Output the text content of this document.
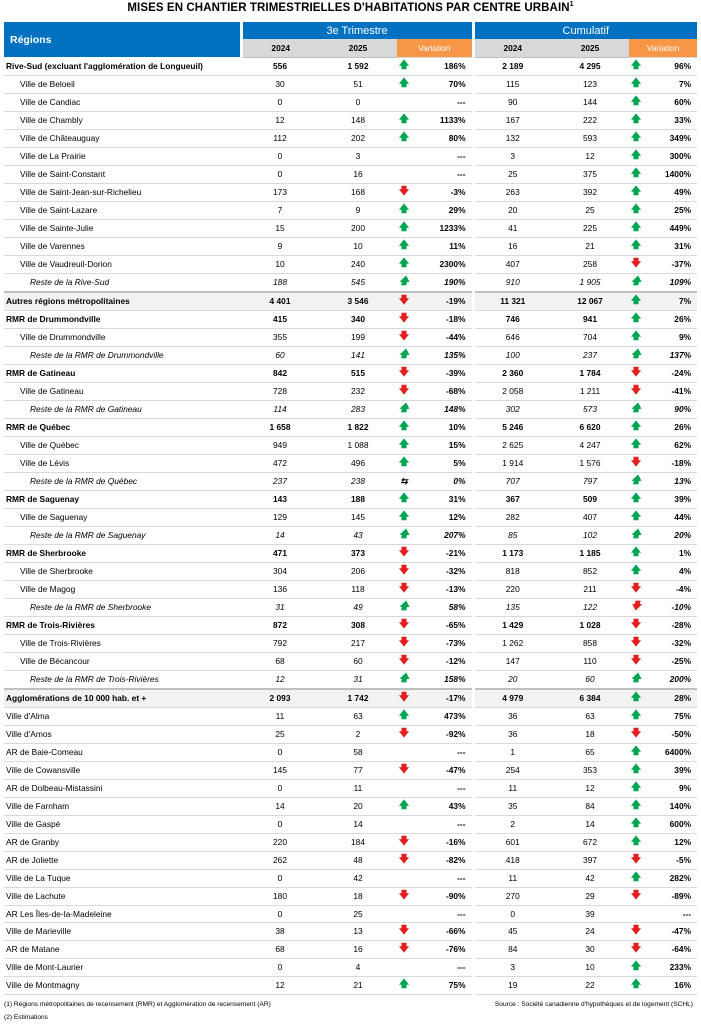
MISES EN CHANTIER TRIMESTRIELLES D'HABITATIONS PAR CENTRE URBAIN$^1$
Régions	3e Trimestre				Cumulatif			
	2024	2025	Variation		2024	2025	Variation	
Rive-Sud (excluant l'agglomération de Longueuil)	556	1 592	🡅	186%	2 189	4 295	🡅	96%
Ville de Beloeil	30	51	🡅	70%	115	123	🡅	7%
Ville de Candiac	0	0		---	90	144	🡅	60%
Ville de Chambly	12	148	🡅	1133%	167	222	🡅	33%
Ville de Châteauguay	112	202	🡅	80%	132	593	🡅	349%
Ville de La Prairie	0	3		---	3	12	🡅	300%
Ville de Saint-Constant	0	16		---	25	375	🡅	1400%
Ville de Saint-Jean-sur-Richelieu	173	168	🡇	-3%	263	392	🡅	49%
Ville de Saint-Lazare	7	9	🡅	29%	20	25	🡅	25%
Ville de Sainte-Julie	15	200	🡅	1233%	41	225	🡅	449%
Ville de Varennes	9	10	🡅	11%	16	21	🡅	31%
Ville de Vaudreuil-Dorion	10	240	🡅	2300%	407	258	🡇	-37%
Reste de la Rive-Sud	188	545	🡅	190%	910	1 905	🡅	109%
Autres régions métropolitaines	4 401	3 546	🡇	-19%	11 321	12 067	🡅	7%
RMR de Drummondville	415	340	🡇	-18%	746	941	🡅	26%
Ville de Drummondville	355	199	🡇	-44%	646	704	🡅	9%
Reste de la RMR de Drummondville	60	141	🡅	135%	100	237	🡅	137%
RMR de Gatineau	842	515	🡇	-39%	2 360	1 784	🡇	-24%
Ville de Gatineau	728	232	🡇	-68%	2 058	1 211	🡇	-41%
Reste de la RMR de Gatineau	114	283	🡅	148%	302	573	🡅	90%
RMR de Québec	1 658	1 822	🡅	10%	5 246	6 620	🡅	26%
Ville de Québec	949	1 088	🡅	15%	2 625	4 247	🡅	62%
Ville de Lévis	472	496	🡅	5%	1 914	1 576	🡇	-18%
Reste de la RMR de Québec	237	238	⇆	0%	707	797	🡅	13%
RMR de Saguenay	143	188	🡅	31%	367	509	🡅	39%
Ville de Saguenay	129	145	🡅	12%	282	407	🡅	44%
Reste de la RMR de Saguenay	14	43	🡅	207%	85	102	🡅	20%
RMR de Sherbrooke	471	373	🡇	-21%	1 173	1 185	🡅	1%
Ville de Sherbrooke	304	206	🡇	-32%	818	852	🡅	4%
Ville de Magog	136	118	🡇	-13%	220	211	🡇	-4%
Reste de la RMR de Sherbrooke	31	49	🡅	58%	135	122	🡇	-10%
RMR de Trois-Rivières	872	308	🡇	-65%	1 429	1 028	🡇	-28%
Ville de Trois-Rivières	792	217	🡇	-73%	1 262	858	🡇	-32%
Ville de Bécancour	68	60	🡇	-12%	147	110	🡇	-25%
Reste de la RMR de Trois-Rivières	12	31	🡅	158%	20	60	🡅	200%
Agglomérations de 10 000 hab. et +	2 093	1 742	🡇	-17%	4 979	6 384	🡅	28%
Ville d'Alma	11	63	🡅	473%	36	63	🡅	75%
Ville d'Amos	25	2	🡇	-92%	36	18	🡇	-50%
AR de Baie-Comeau	0	58		---	1	65	🡅	6400%
Ville de Cowansville	145	77	🡇	-47%	254	353	🡅	39%
AR de Dolbeau-Mistassini	0	11		---	11	12	🡅	9%
Ville de Farnham	14	20	🡅	43%	35	84	🡅	140%
Ville de Gaspé	0	14		---	2	14	🡅	600%
AR de Granby	220	184	🡇	-16%	601	672	🡅	12%
AR de Joliette	262	48	🡇	-82%	418	397	🡇	-5%
Ville de La Tuque	0	42		---	11	42	🡅	282%
Ville de Lachute	180	18	🡇	-90%	270	29	🡇	-89%
AR Les Îles-de-la-Madeleine	0	25		---	0	39		---
Ville de Marieville	38	13	🡇	-66%	45	24	🡇	-47%
AR de Matane	68	16	🡇	-76%	84	30	🡇	-64%
Ville de Mont-Laurier	0	4		---	3	10	🡅	233%
Ville de Montmagny	12	21	🡅	75%	19	22	🡅	16%
(1) Régions métropolitaines de recensement (RMR) et Agglomération de recensement (AR)
(2) Estimations
Source : Société canadienne d'hypothèques et de logement (SCHL)
